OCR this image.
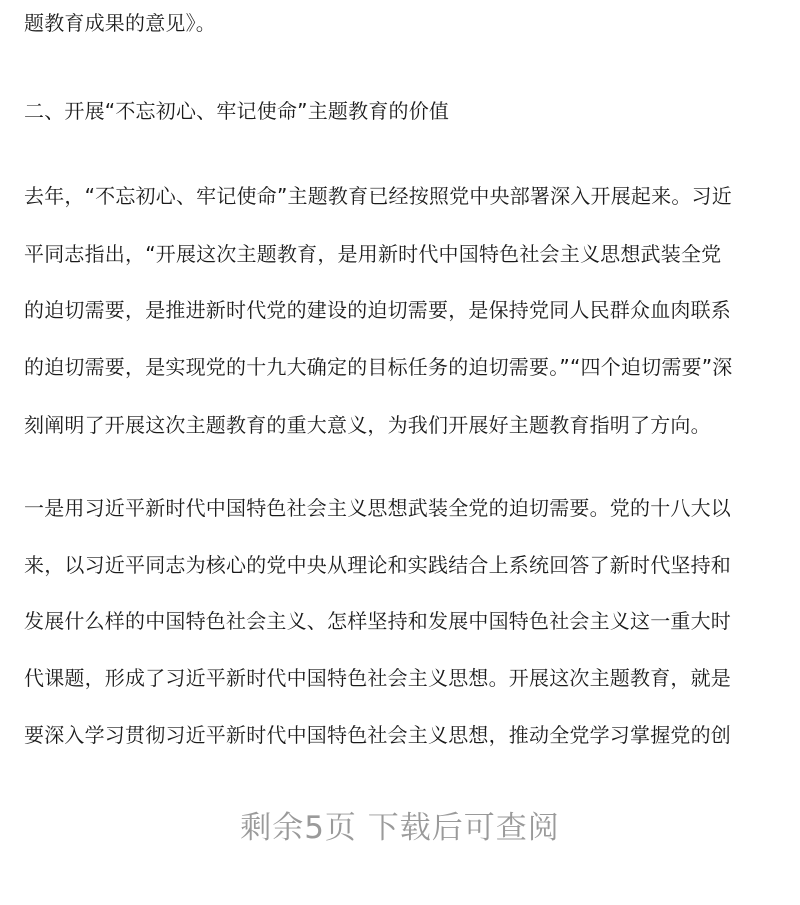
题教育成果的意见》。
二、开展“不忘初心、牢记使命”主题教育的价值
去年，“不忘初心、牢记使命”主题教育已经按照党中央部署深入开展起来。习近
平同志指出，“开展这次主题教育，是用新时代中国特色社会主义思想武装全党
的迫切需要，是推进新时代党的建设的迫切需要，是保持党同人民群众血肉联系
的迫切需要，是实现党的十九大确定的目标任务的迫切需要。”“四个迫切需要”深
刻阐明了开展这次主题教育的重大意义，为我们开展好主题教育指明了方向。
一是用习近平新时代中国特色社会主义思想武装全党的迫切需要。党的十八大以
来，以习近平同志为核心的党中央从理论和实践结合上系统回答了新时代坚持和
发展什么样的中国特色社会主义、怎样坚持和发展中国特色社会主义这一重大时
代课题，形成了习近平新时代中国特色社会主义思想。开展这次主题教育，就是
要深入学习贯彻习近平新时代中国特色社会主义思想，推动全党学习掌握党的创
剩余5页 下载后可查阅
